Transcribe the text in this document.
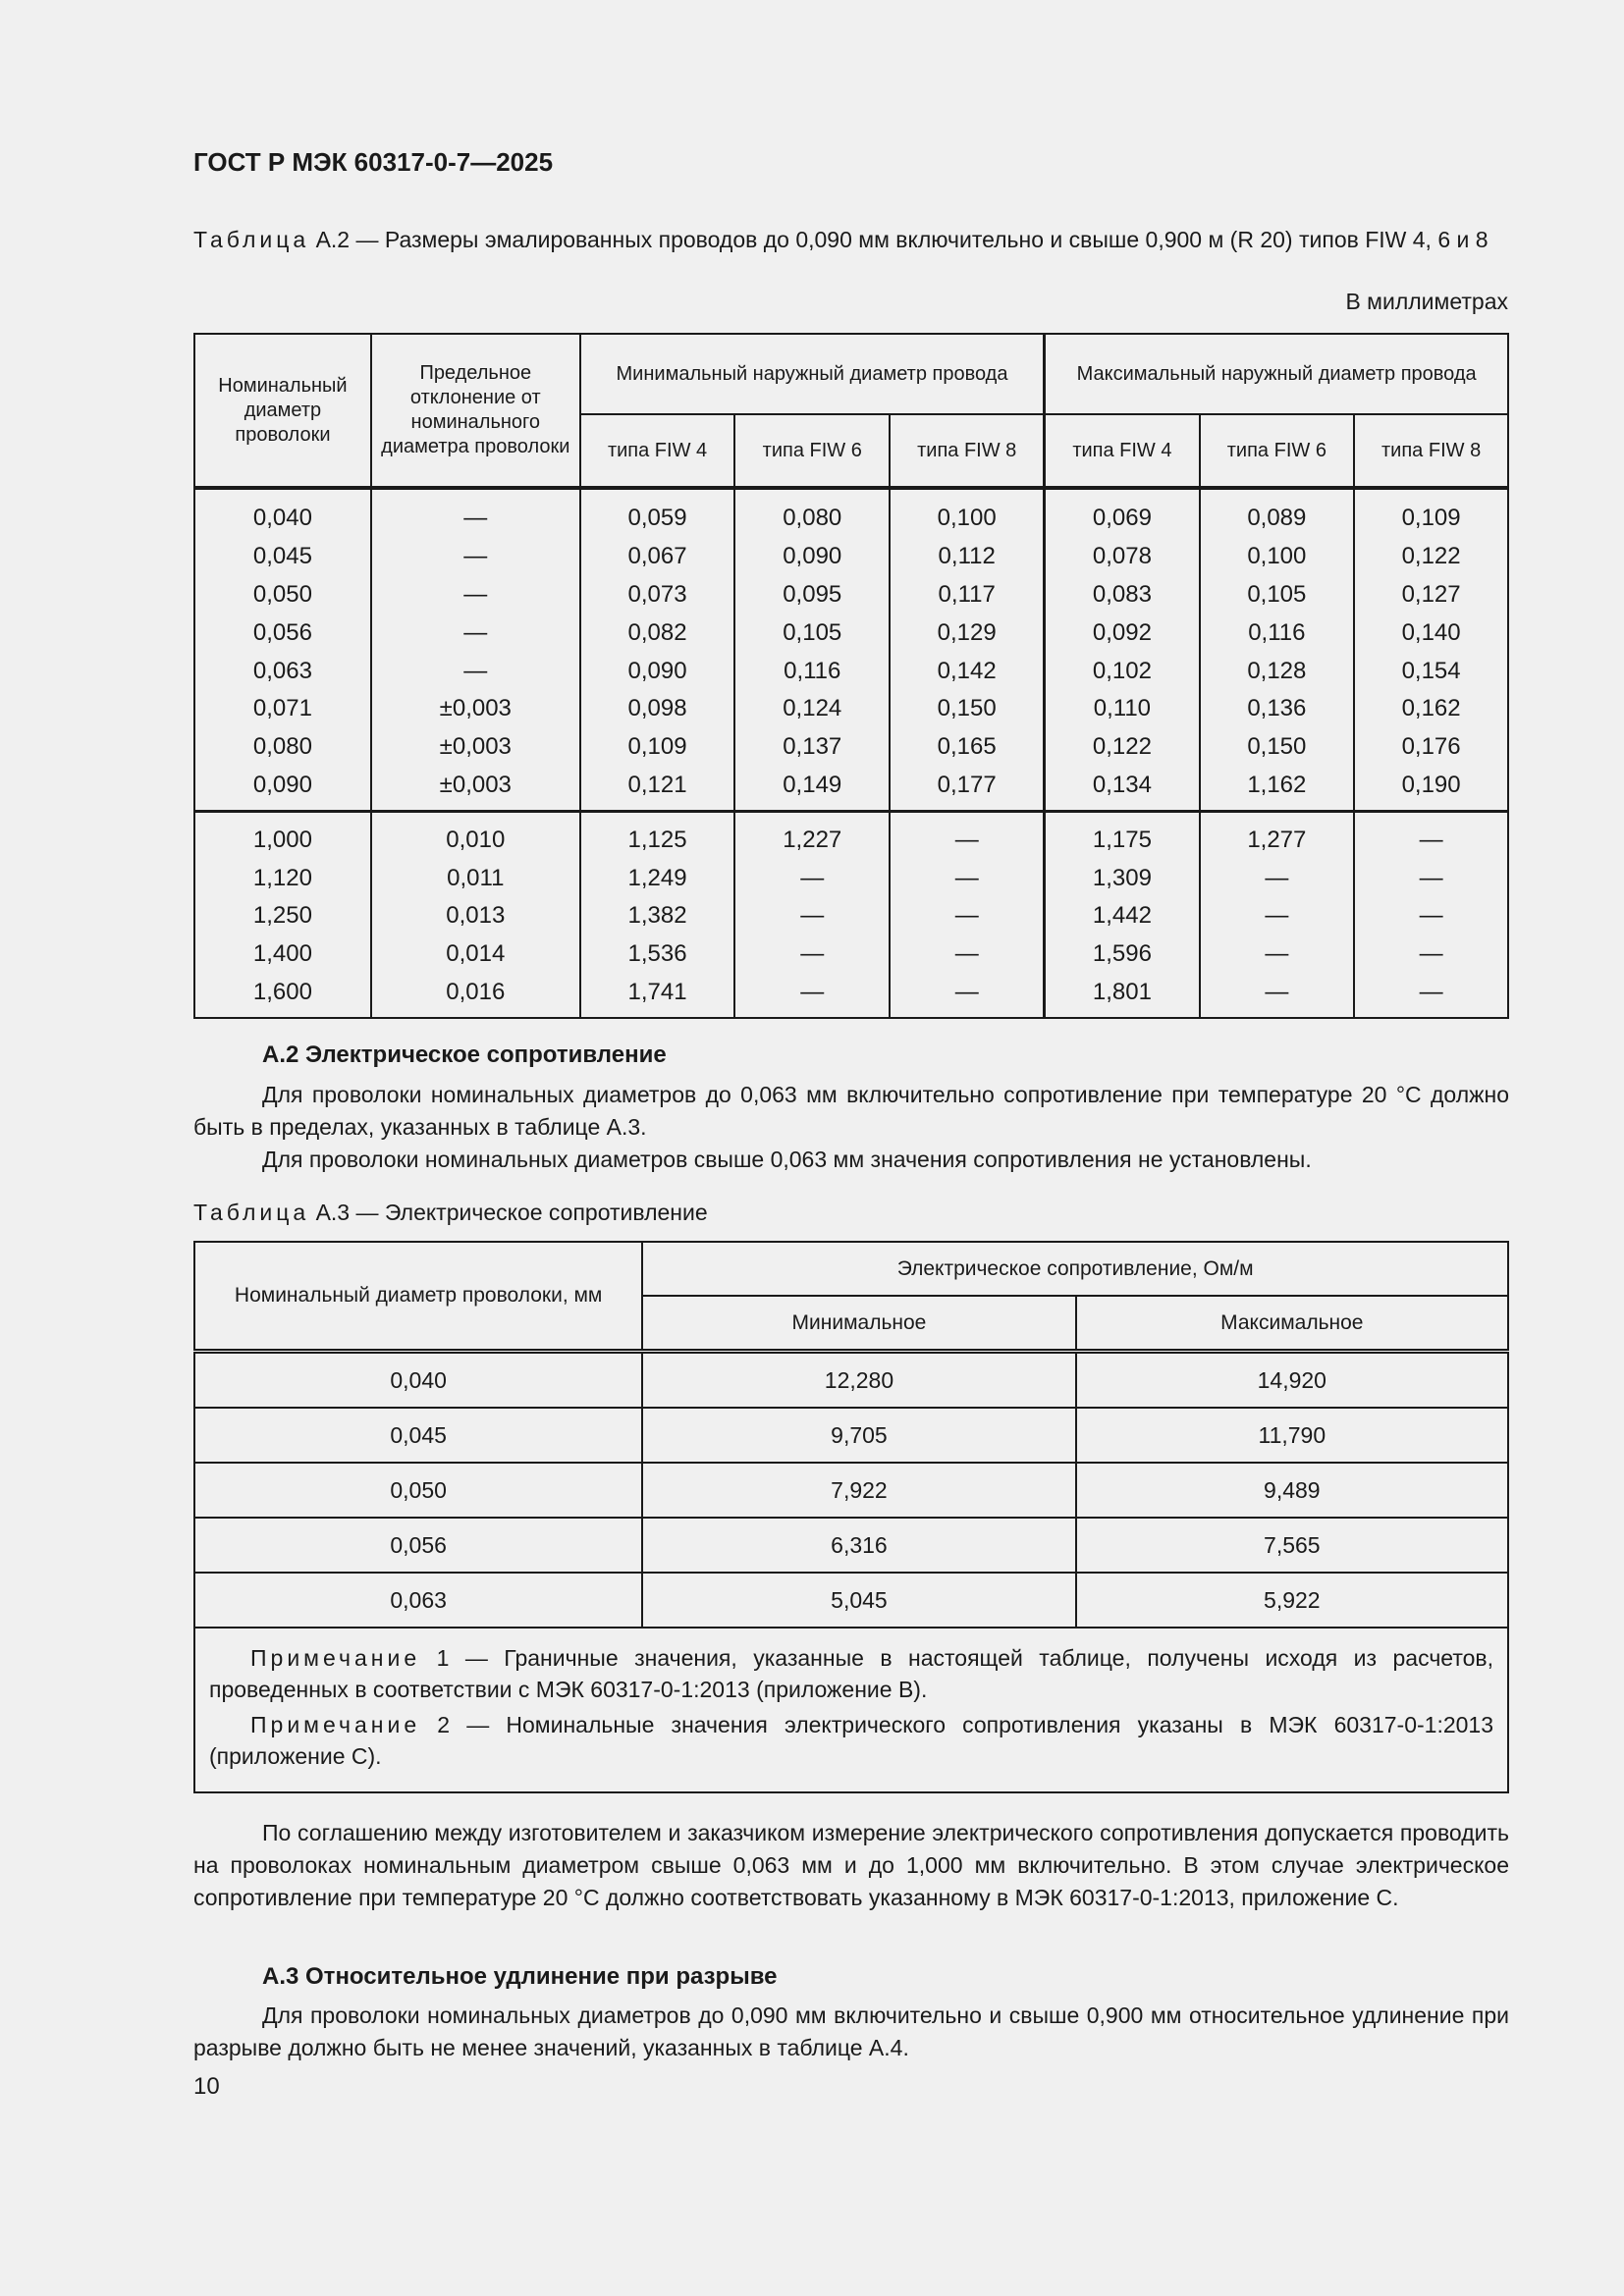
ГОСТ Р МЭК 60317-0-7—2025
Таблица А.2 — Размеры эмалированных проводов до 0,090 мм включительно и свыше 0,900 м (R 20) типов FIW 4, 6 и 8
В миллиметрах
Номинальный диаметр проволоки	Предельное отклонение от номинального диаметра проволоки	Минимальный наружный диаметр провода			Максимальный наружный диаметр провода		
		типа FIW 4	типа FIW 6	типа FIW 8	типа FIW 4	типа FIW 6	типа FIW 8
0,040	—	0,059	0,080	0,100	0,069	0,089	0,109
0,045	—	0,067	0,090	0,112	0,078	0,100	0,122
0,050	—	0,073	0,095	0,117	0,083	0,105	0,127
0,056	—	0,082	0,105	0,129	0,092	0,116	0,140
0,063	—	0,090	0,116	0,142	0,102	0,128	0,154
0,071	±0,003	0,098	0,124	0,150	0,110	0,136	0,162
0,080	±0,003	0,109	0,137	0,165	0,122	0,150	0,176
0,090	±0,003	0,121	0,149	0,177	0,134	1,162	0,190
1,000	0,010	1,125	1,227	—	1,175	1,277	—
1,120	0,011	1,249	—	—	1,309	—	—
1,250	0,013	1,382	—	—	1,442	—	—
1,400	0,014	1,536	—	—	1,596	—	—
1,600	0,016	1,741	—	—	1,801	—	—
А.2 Электрическое сопротивление
Для проволоки номинальных диаметров до 0,063 мм включительно сопротивление при температуре 20 °C должно быть в пределах, указанных в таблице А.3.
Для проволоки номинальных диаметров свыше 0,063 мм значения сопротивления не установлены.
Таблица А.3 — Электрическое сопротивление
Номинальный диаметр проволоки, мм	Электрическое сопротивление, Ом/м	
	Минимальное	Максимальное
0,040	12,280	14,920
0,045	9,705	11,790
0,050	7,922	9,489
0,056	6,316	7,565
0,063	5,045	5,922

Примечание 1 — Граничные значения, указанные в настоящей таблице, получены исходя из расчетов, проведенных в соответствии с МЭК 60317-0-1:2013 (приложение В).

Примечание 2 — Номинальные значения электрического сопротивления указаны в МЭК 60317-0-1:2013 (приложение С).		

По соглашению между изготовителем и заказчиком измерение электрического сопротивления допускается проводить на проволоках номинальным диаметром свыше 0,063 мм и до 1,000 мм включительно. В этом случае электрическое сопротивление при температуре 20 °C должно соответствовать указанному в МЭК 60317-0-1:2013, приложение С.
А.3 Относительное удлинение при разрыве
Для проволоки номинальных диаметров до 0,090 мм включительно и свыше 0,900 мм относительное удлинение при разрыве должно быть не менее значений, указанных в таблице А.4.
10
